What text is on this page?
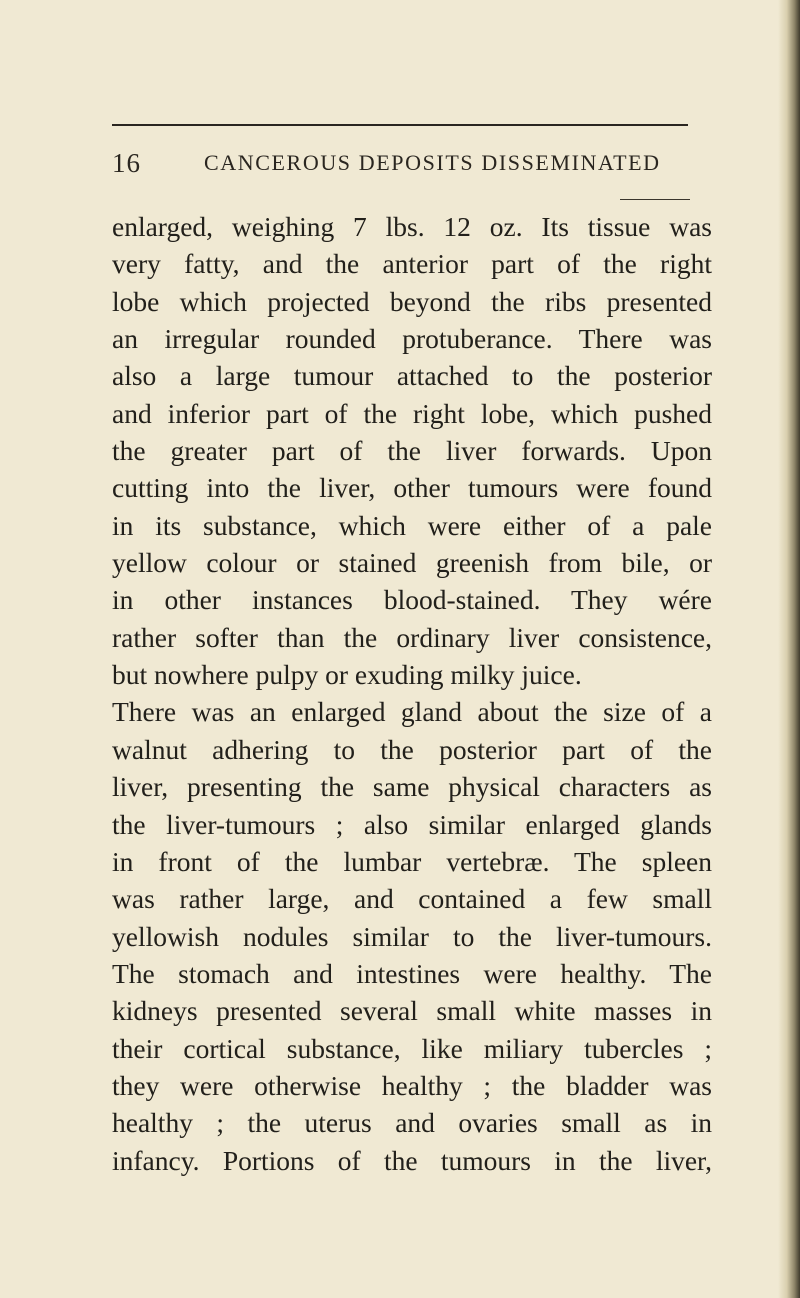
16	CANCEROUS DEPOSITS DISSEMINATED
enlarged, weighing 7 lbs. 12 oz. Its tissue was
very fatty, and the anterior part of the right
lobe which projected beyond the ribs presented
an irregular rounded protuberance. There was
also a large tumour attached to the posterior
and inferior part of the right lobe, which pushed
the greater part of the liver forwards. Upon
cutting into the liver, other tumours were found
in its substance, which were either of a pale
yellow colour or stained greenish from bile, or
in other instances blood-stained. They wére
rather softer than the ordinary liver consistence,
but nowhere pulpy or exuding milky juice.
There was an enlarged gland about the size of a
walnut adhering to the posterior part of the
liver, presenting the same physical characters as
the liver-tumours ; also similar enlarged glands
in front of the lumbar vertebræ. The spleen
was rather large, and contained a few small
yellowish nodules similar to the liver-tumours.
The stomach and intestines were healthy. The
kidneys presented several small white masses in
their cortical substance, like miliary tubercles ;
they were otherwise healthy ; the bladder was
healthy ; the uterus and ovaries small as in
infancy. Portions of the tumours in the liver,
